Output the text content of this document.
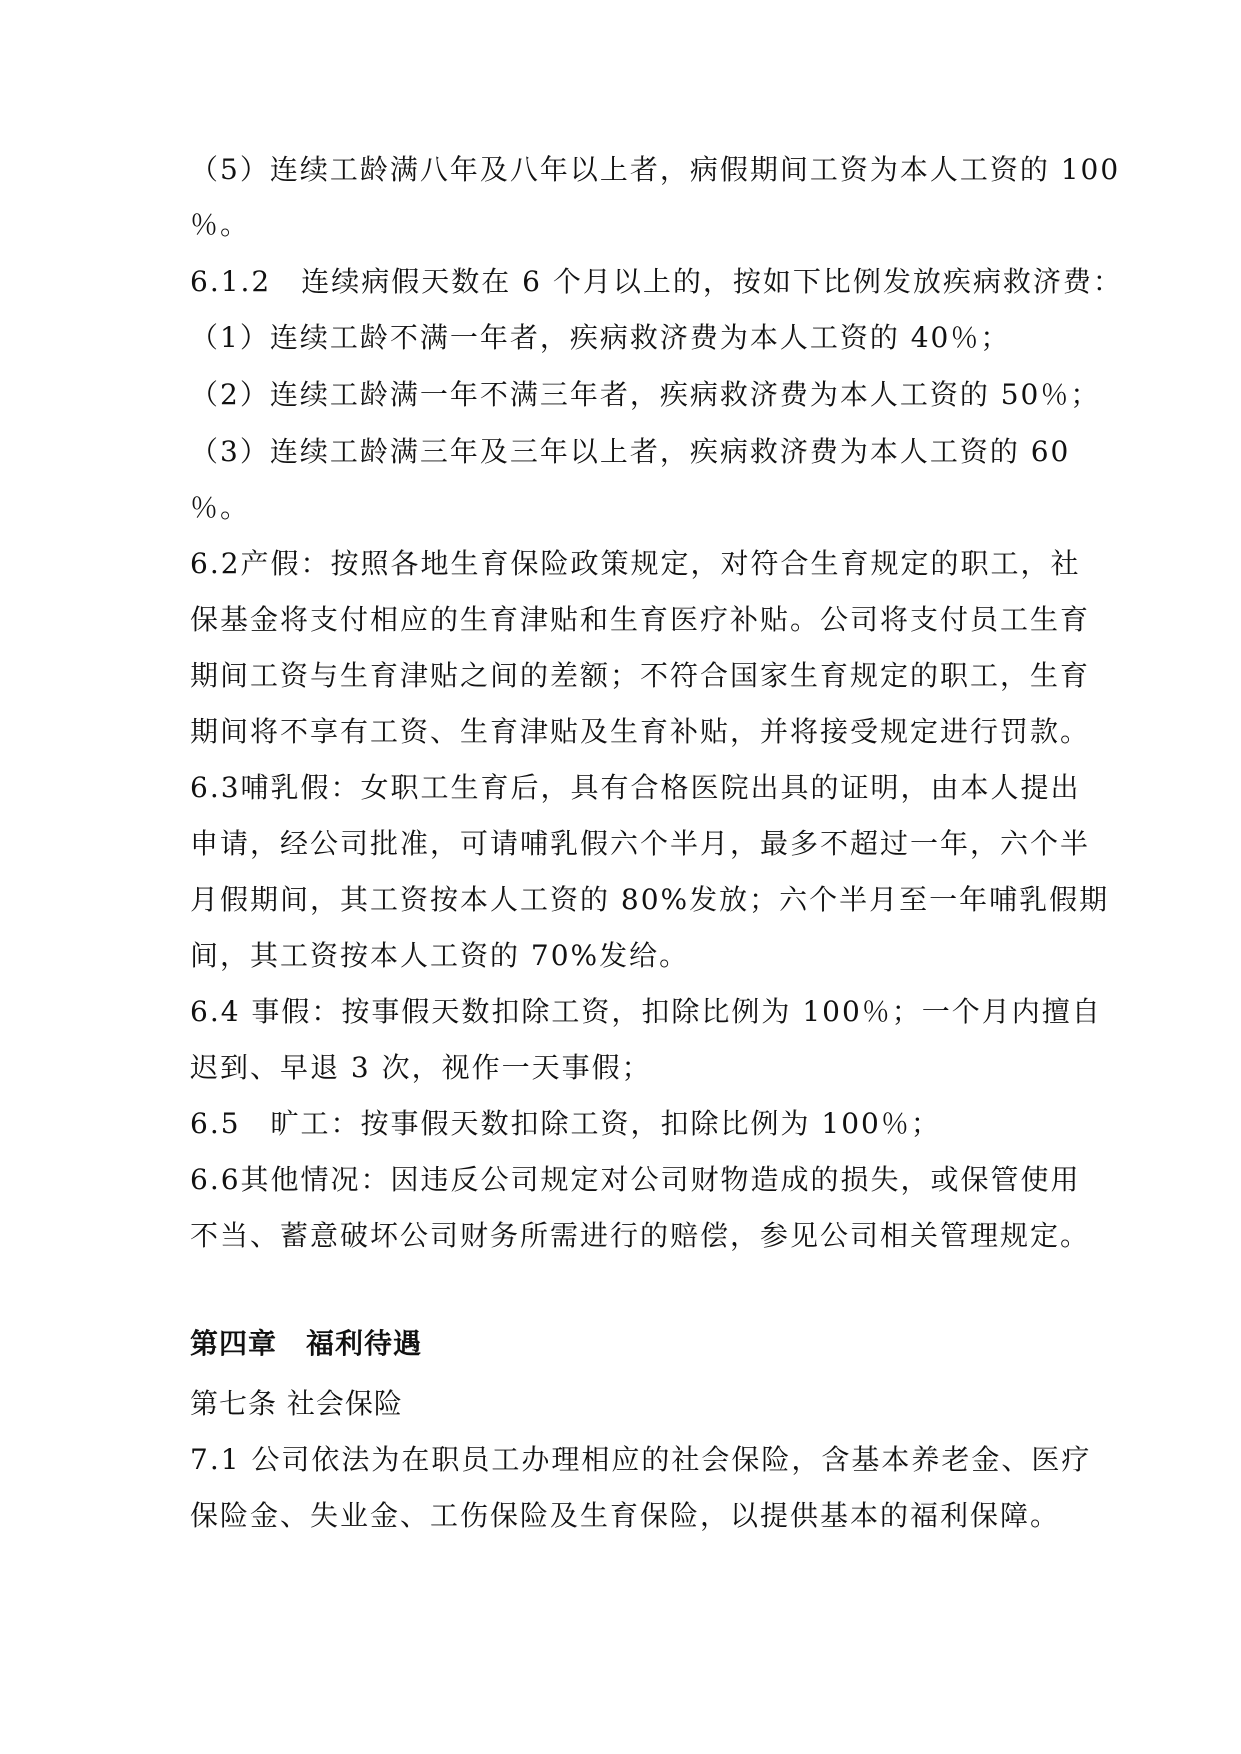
（5）连续工龄满八年及八年以上者，病假期间工资为本人工资的 100
％。
6.1.2　连续病假天数在 6 个月以上的，按如下比例发放疾病救济费：
（1）连续工龄不满一年者，疾病救济费为本人工资的 40％；
（2）连续工龄满一年不满三年者，疾病救济费为本人工资的 50％；
（3）连续工龄满三年及三年以上者，疾病救济费为本人工资的 60
％。
6.2产假：按照各地生育保险政策规定，对符合生育规定的职工，社
保基金将支付相应的生育津贴和生育医疗补贴。公司将支付员工生育
期间工资与生育津贴之间的差额；不符合国家生育规定的职工，生育
期间将不享有工资、生育津贴及生育补贴，并将接受规定进行罚款。
6.3哺乳假：女职工生育后，具有合格医院出具的证明，由本人提出
申请，经公司批准，可请哺乳假六个半月，最多不超过一年，六个半
月假期间，其工资按本人工资的 80%发放；六个半月至一年哺乳假期
间，其工资按本人工资的 70%发给。
6.4 事假：按事假天数扣除工资，扣除比例为 100％；一个月内擅自
迟到、早退 3 次，视作一天事假；
6.5　旷工：按事假天数扣除工资，扣除比例为 100％；
6.6其他情况：因违反公司规定对公司财物造成的损失，或保管使用
不当、蓄意破坏公司财务所需进行的赔偿，参见公司相关管理规定。
第四章　福利待遇
第七条 社会保险
7.1 公司依法为在职员工办理相应的社会保险，含基本养老金、医疗
保险金、失业金、工伤保险及生育保险，以提供基本的福利保障。
